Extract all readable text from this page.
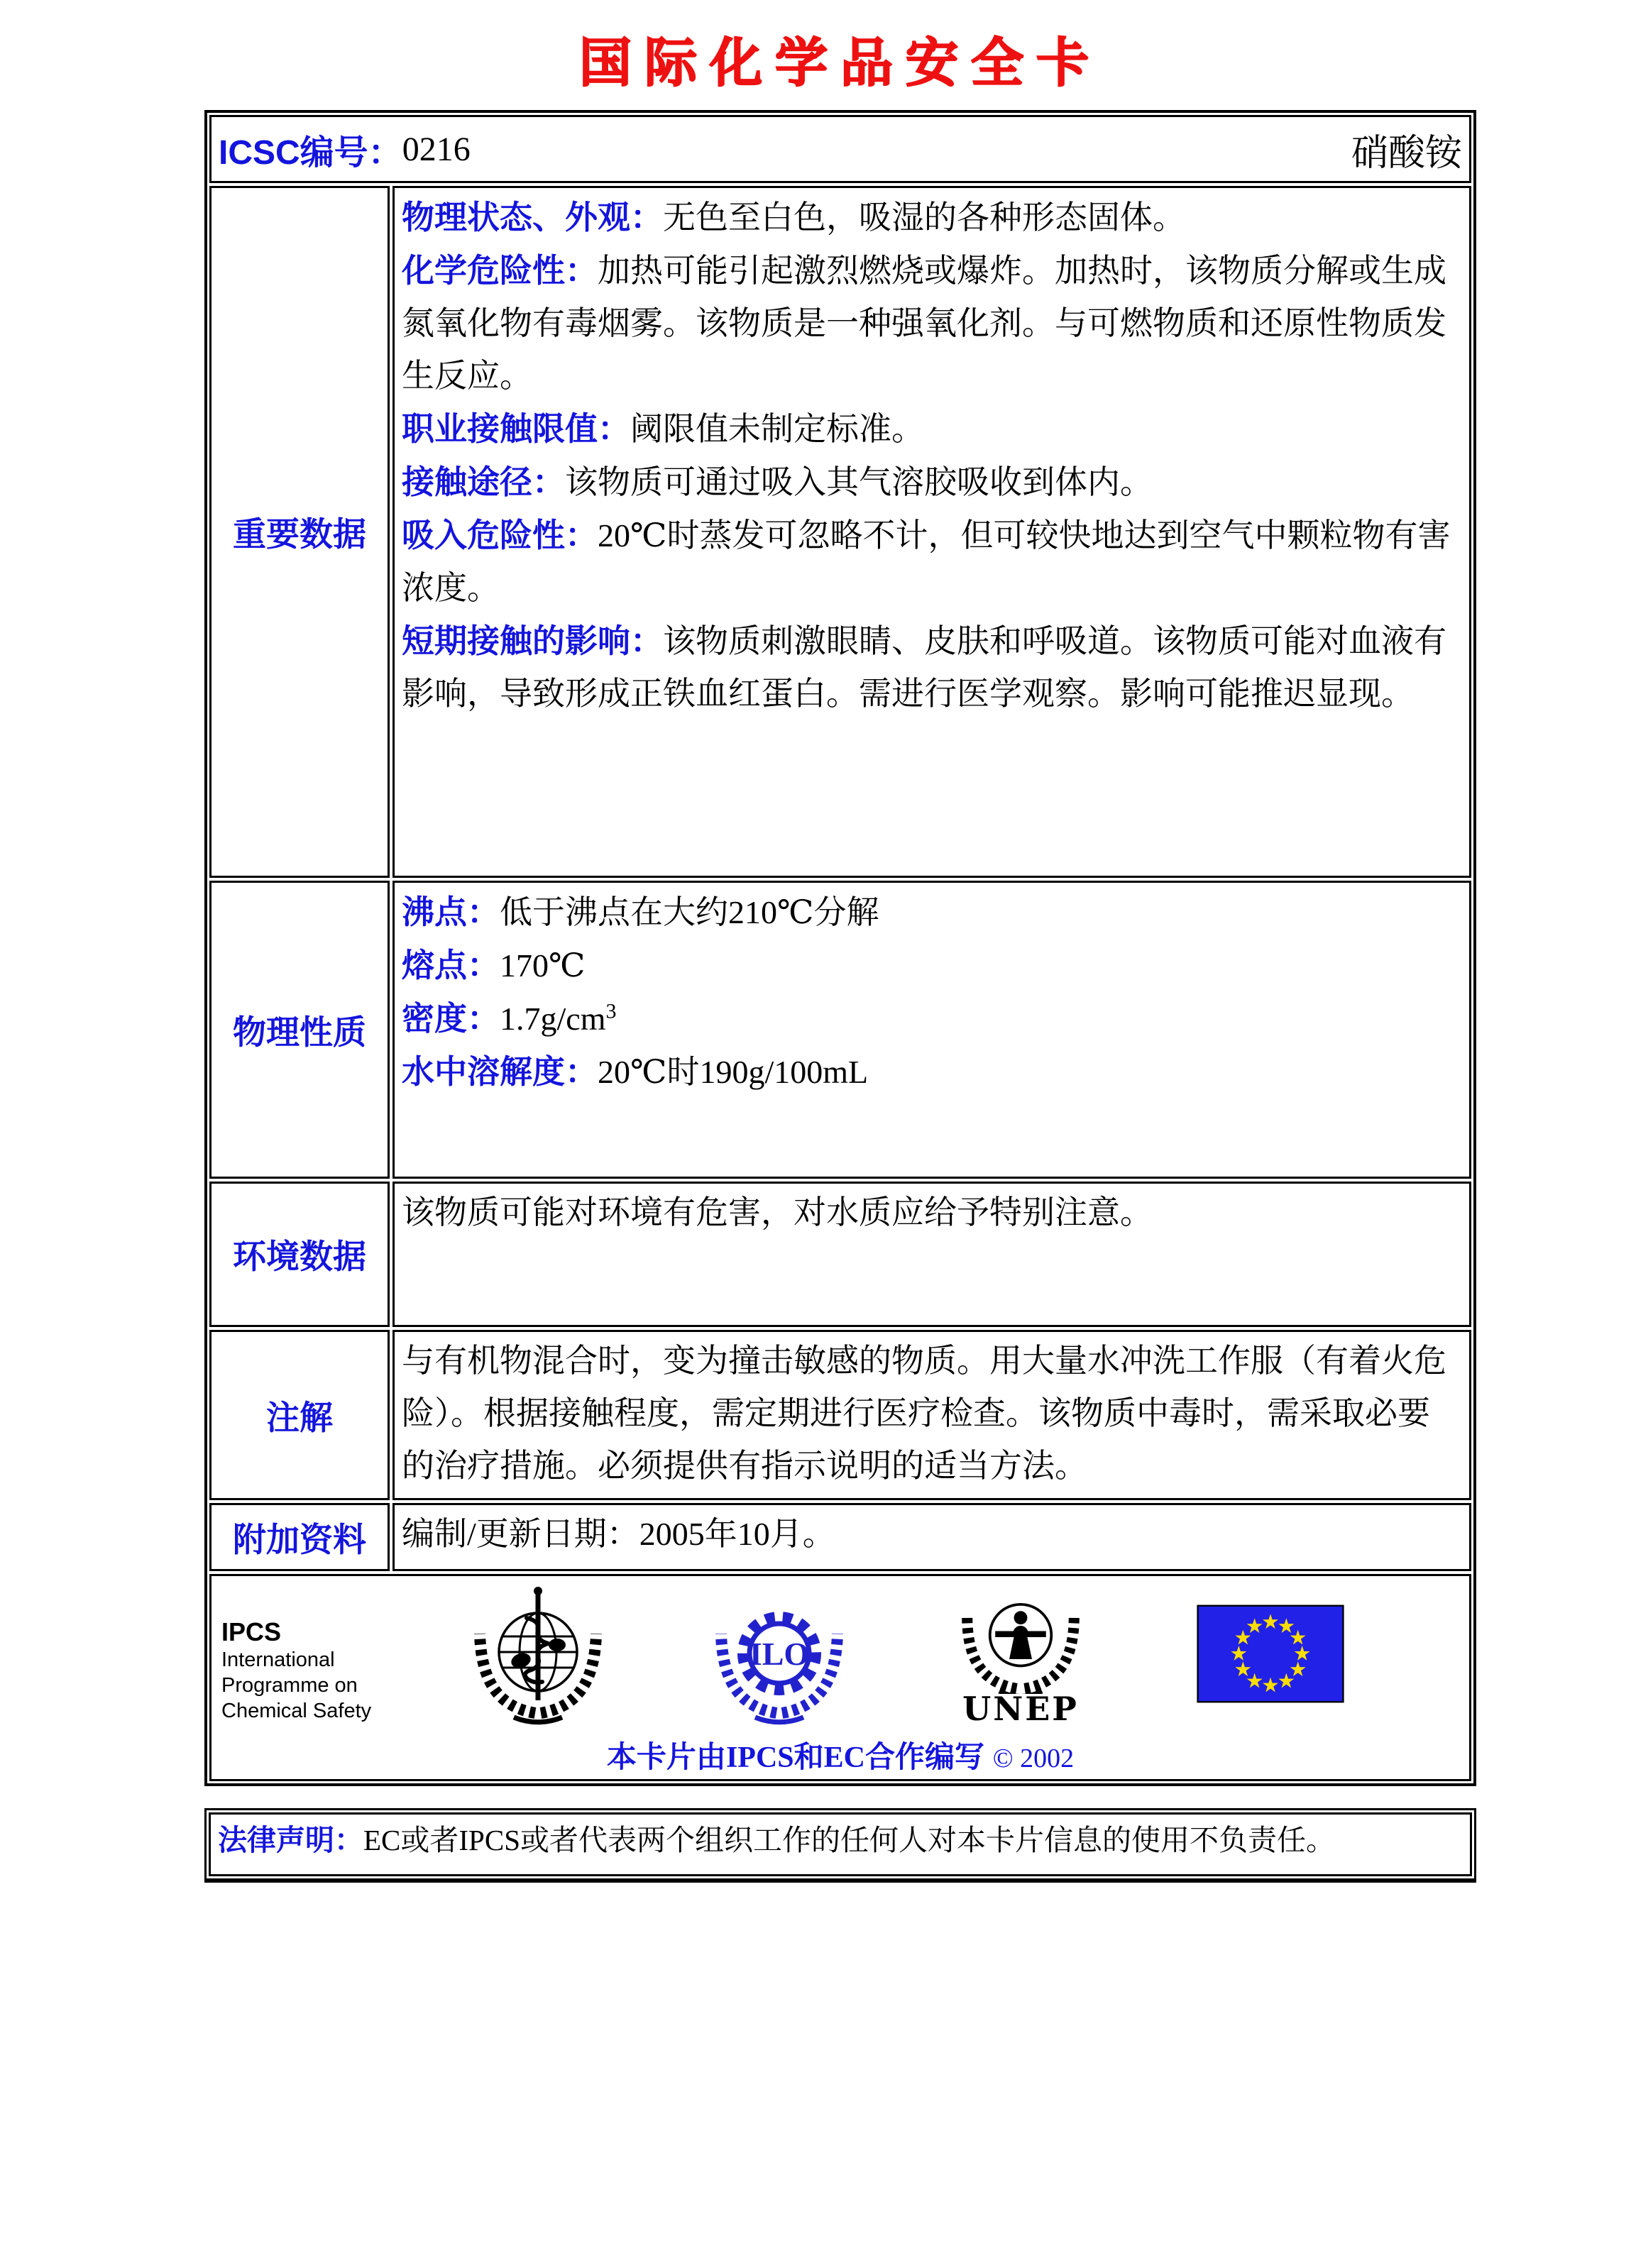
国际化学品安全卡
ICSC编号： 0216	硝酸铵
重要数据

物理状态、外观：无色至白色，吸湿的各种形态固体。

化学危险性：加热可能引起激烈燃烧或爆炸。加热时，该物质分解或生成氮氧化物有毒烟雾。该物质是一种强氧化剂。与可燃物质和还原性物质发生反应。

职业接触限值：阈限值未制定标准。

接触途径：该物质可通过吸入其气溶胶吸收到体内。

吸入危险性：20℃时蒸发可忽略不计，但可较快地达到空气中颗粒物有害浓度。

短期接触的影响：该物质刺激眼睛、皮肤和呼吸道。该物质可能对血液有影响，导致形成正铁血红蛋白。需进行医学观察。影响可能推迟显现。

物理性质

沸点：低于沸点在大约210℃分解

熔点：170℃

密度：$1.7g/cm^3$

水中溶解度：20℃时190g/100mL

环境数据

该物质可能对环境有危害，对水质应给予特别注意。

注解

与有机物混合时，变为撞击敏感的物质。用大量水冲洗工作服（有着火危险）。根据接触程度，需定期进行医疗检查。该物质中毒时，需采取必要的治疗措施。必须提供有指示说明的适当方法。

附加资料	编制/更新日期：2005年10月。

IPCS
International
Programme on
Chemical Safety
ILO
UNEP
本卡片由IPCS和EC合作编写 © 2002
法律声明：EC或者IPCS或者代表两个组织工作的任何人对本卡片信息的使用不负责任。
